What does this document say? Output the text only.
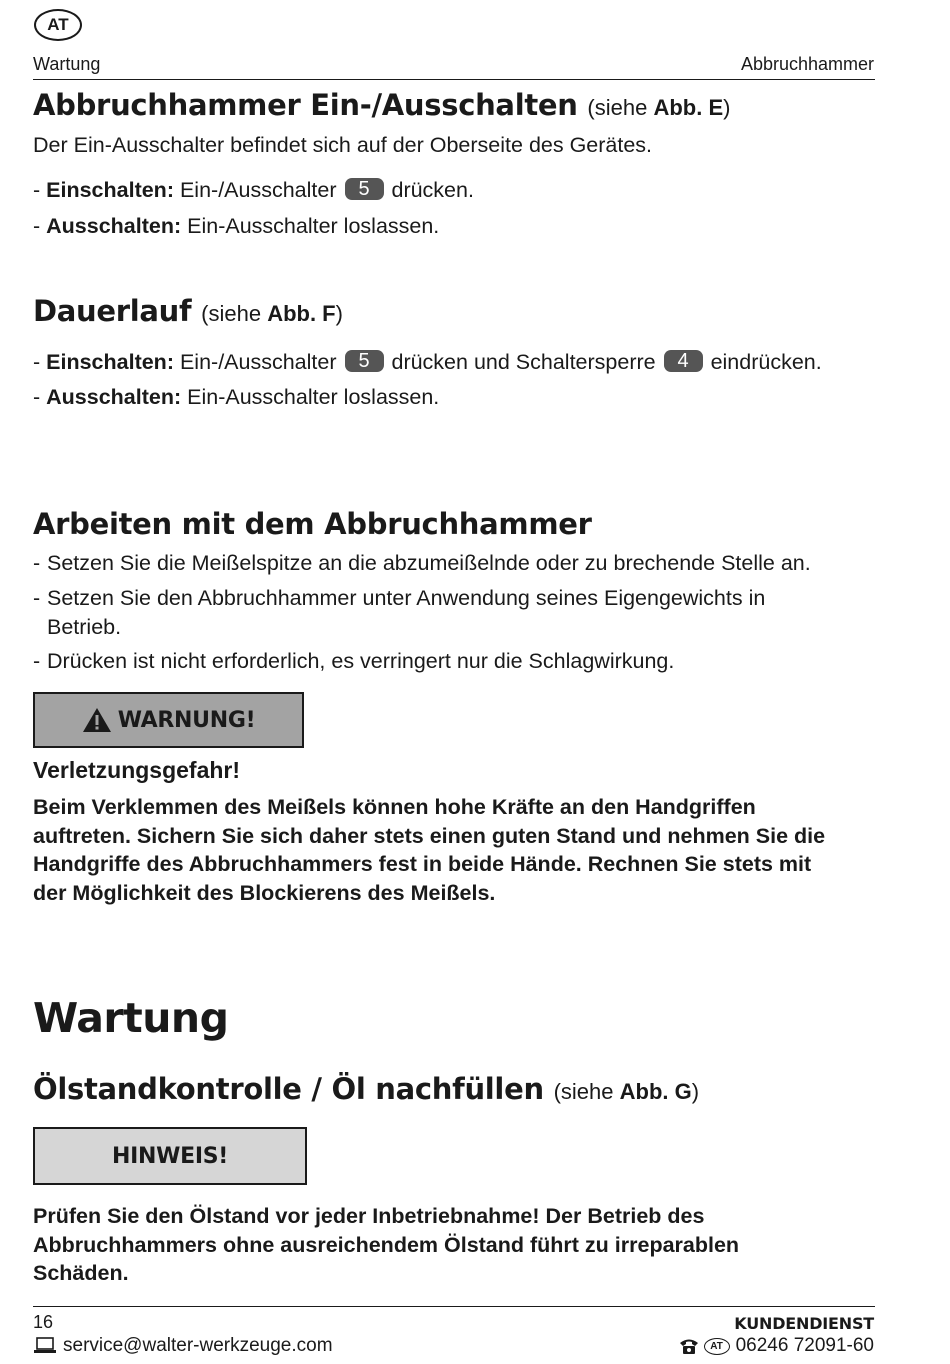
AT
Wartung	Abbruchhammer
Abbruchhammer Ein-/Ausschalten (siehe Abb. E)
Der Ein-Ausschalter befindet sich auf der Oberseite des Gerätes.
- Einschalten: Ein-/Ausschalter 5 drücken.
- Ausschalten: Ein-Ausschalter loslassen.
Dauerlauf (siehe Abb. F)
- Einschalten: Ein-/Ausschalter 5 drücken und Schaltersperre 4 eindrücken.
- Ausschalten: Ein-Ausschalter loslassen.
Arbeiten mit dem Abbruchhammer
- Setzen Sie die Meißelspitze an die abzumeißelnde oder zu brechende Stelle an.
- Setzen Sie den Abbruchhammer unter Anwendung seines Eigengewichts in
Betrieb.
- Drücken ist nicht erforderlich, es verringert nur die Schlagwirkung.
WARNUNG!
Verletzungsgefahr!
Beim Verklemmen des Meißels können hohe Kräfte an den Handgriffen
auftreten. Sichern Sie sich daher stets einen guten Stand und nehmen Sie die
Handgriffe des Abbruchhammers fest in beide Hände. Rechnen Sie stets mit
der Möglichkeit des Blockierens des Meißels.
Wartung
Ölstandkontrolle / Öl nachfüllen (siehe Abb. G)
HINWEIS!
Prüfen Sie den Ölstand vor jeder Inbetriebnahme! Der Betrieb des
Abbruchhammers ohne ausreichendem Ölstand führt zu irreparablen
Schäden.
16	KUNDENDIENST
service@walter-werkzeuge.com	AT 06246 72091-60
